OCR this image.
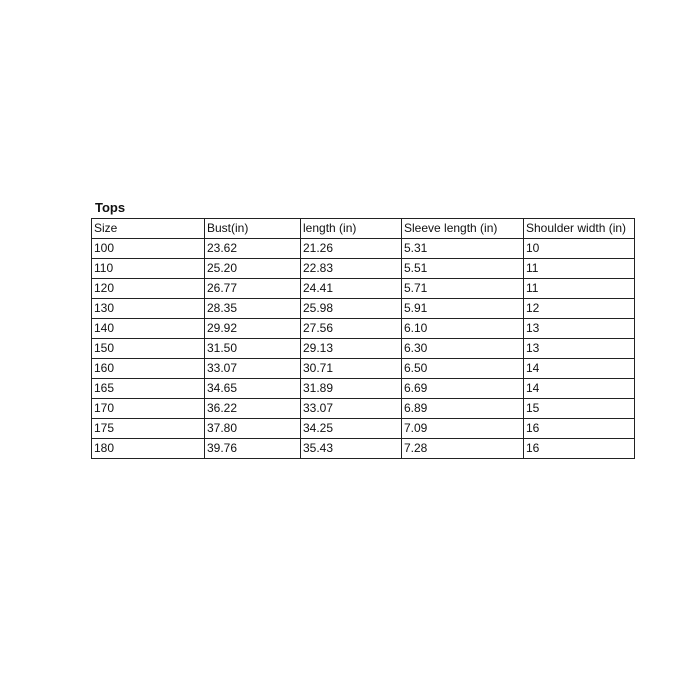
Tops
Size	Bust(in)	length (in)	Sleeve length (in)	Shoulder width (in)
100	23.62	21.26	5.31	10
110	25.20	22.83	5.51	11
120	26.77	24.41	5.71	11
130	28.35	25.98	5.91	12
140	29.92	27.56	6.10	13
150	31.50	29.13	6.30	13
160	33.07	30.71	6.50	14
165	34.65	31.89	6.69	14
170	36.22	33.07	6.89	15
175	37.80	34.25	7.09	16
180	39.76	35.43	7.28	16
